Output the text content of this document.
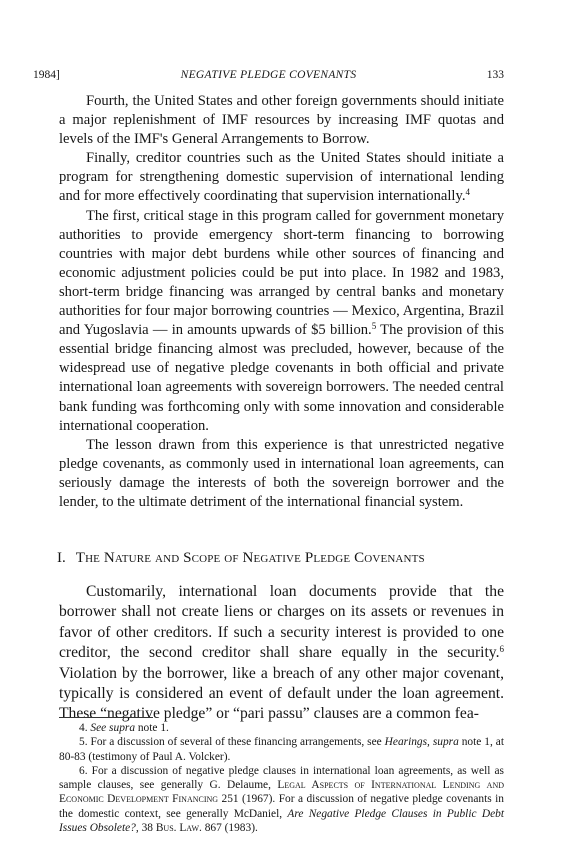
1984]	NEGATIVE PLEDGE COVENANTS	133

Fourth, the United States and other foreign governments should initiate a major replenishment of IMF resources by increasing IMF quotas and levels of the IMF's General Arrangements to Borrow.

Finally, creditor countries such as the United States should initiate a program for strengthening domestic supervision of international lending and for more effectively coordinating that supervision internationally.$^4$

The first, critical stage in this program called for government monetary authorities to provide emergency short-term financing to borrowing countries with major debt burdens while other sources of financing and economic adjustment policies could be put into place. In 1982 and 1983, short-term bridge financing was arranged by central banks and monetary authorities for four major borrowing countries — Mexico, Argentina, Brazil and Yugoslavia — in amounts upwards of $5 billion.$^5$ The provision of this essential bridge financing almost was precluded, however, because of the widespread use of negative pledge covenants in both official and private international loan agreements with sovereign borrowers. The needed central bank funding was forthcoming only with some innovation and considerable international cooperation.

The lesson drawn from this experience is that unrestricted negative pledge covenants, as commonly used in international loan agreements, can seriously damage the interests of both the sovereign borrower and the lender, to the ultimate detriment of the international financial system.

I. The Nature and Scope of Negative Pledge Covenants

Customarily, international loan documents provide that the borrower shall not create liens or charges on its assets or revenues in favor of other creditors. If such a security interest is provided to one creditor, the second creditor shall share equally in the security.$^6$ Violation by the borrower, like a breach of any other major covenant, typically is considered an event of default under the loan agreement. These “negative pledge” or “pari passu” clauses are a common fea-

4. See supra note 1.

5. For a discussion of several of these financing arrangements, see Hearings, supra note 1, at 80-83 (testimony of Paul A. Volcker).

6. For a discussion of negative pledge clauses in international loan agreements, as well as sample clauses, see generally G. Delaume, Legal Aspects of International Lending and Economic Development Financing 251 (1967). For a discussion of negative pledge covenants in the domestic context, see generally McDaniel, Are Negative Pledge Clauses in Public Debt Issues Obsolete?, 38 Bus. Law. 867 (1983).
